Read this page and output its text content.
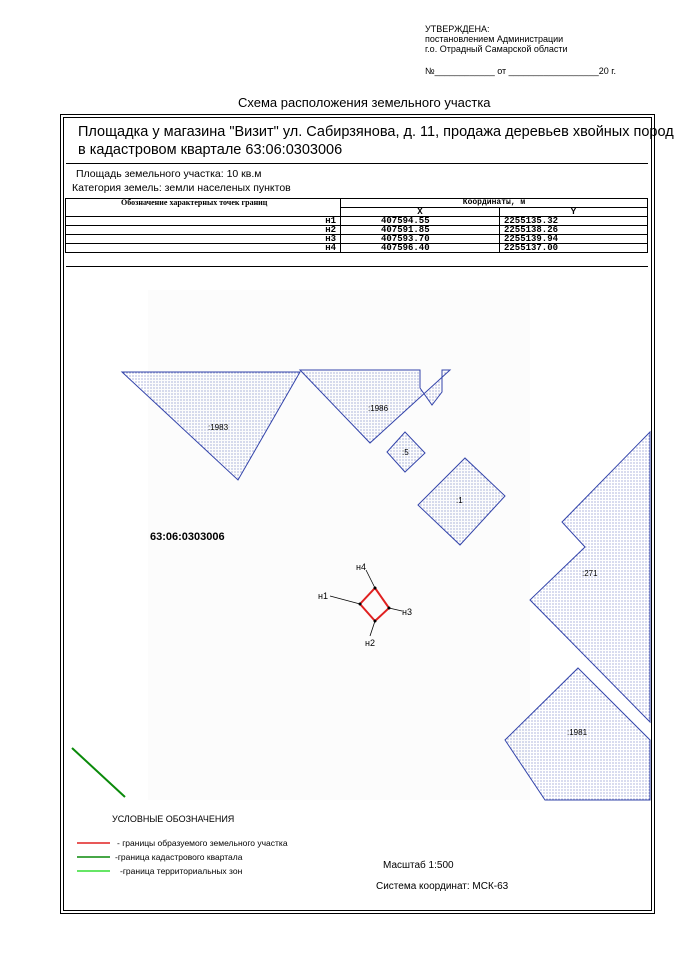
УТВЕРЖДЕНА:
постановлением Администрации
г.о. Отрадный Самарской области
№____________ от __________________20 г.
Схема расположения земельного участка
Площадка у магазина "Визит" ул. Сабирзянова, д. 11, продажа деревьев хвойных пород
в кадастровом квартале 63:06:0303006
Площадь земельного участка: 10 кв.м
Категория земель: земли населеных пунктов
Обозначение характерных точек границ	Координаты, м	
	X	Y
н1	407594.55	2255135.32
н2	407591.85	2255138.26
н3	407593.70	2255139.94
н4	407596.40	2255137.00
:1983
:1986
:5
:1
:271
:1981
63:06:0303006
н1
н2
н3
н4
УСЛОВНЫЕ ОБОЗНАЧЕНИЯ
- границы образуемого земельного участка
-граница кадастрового квартала
-граница территориальных зон	Масштаб 1:500
Система координат: МСК-63
